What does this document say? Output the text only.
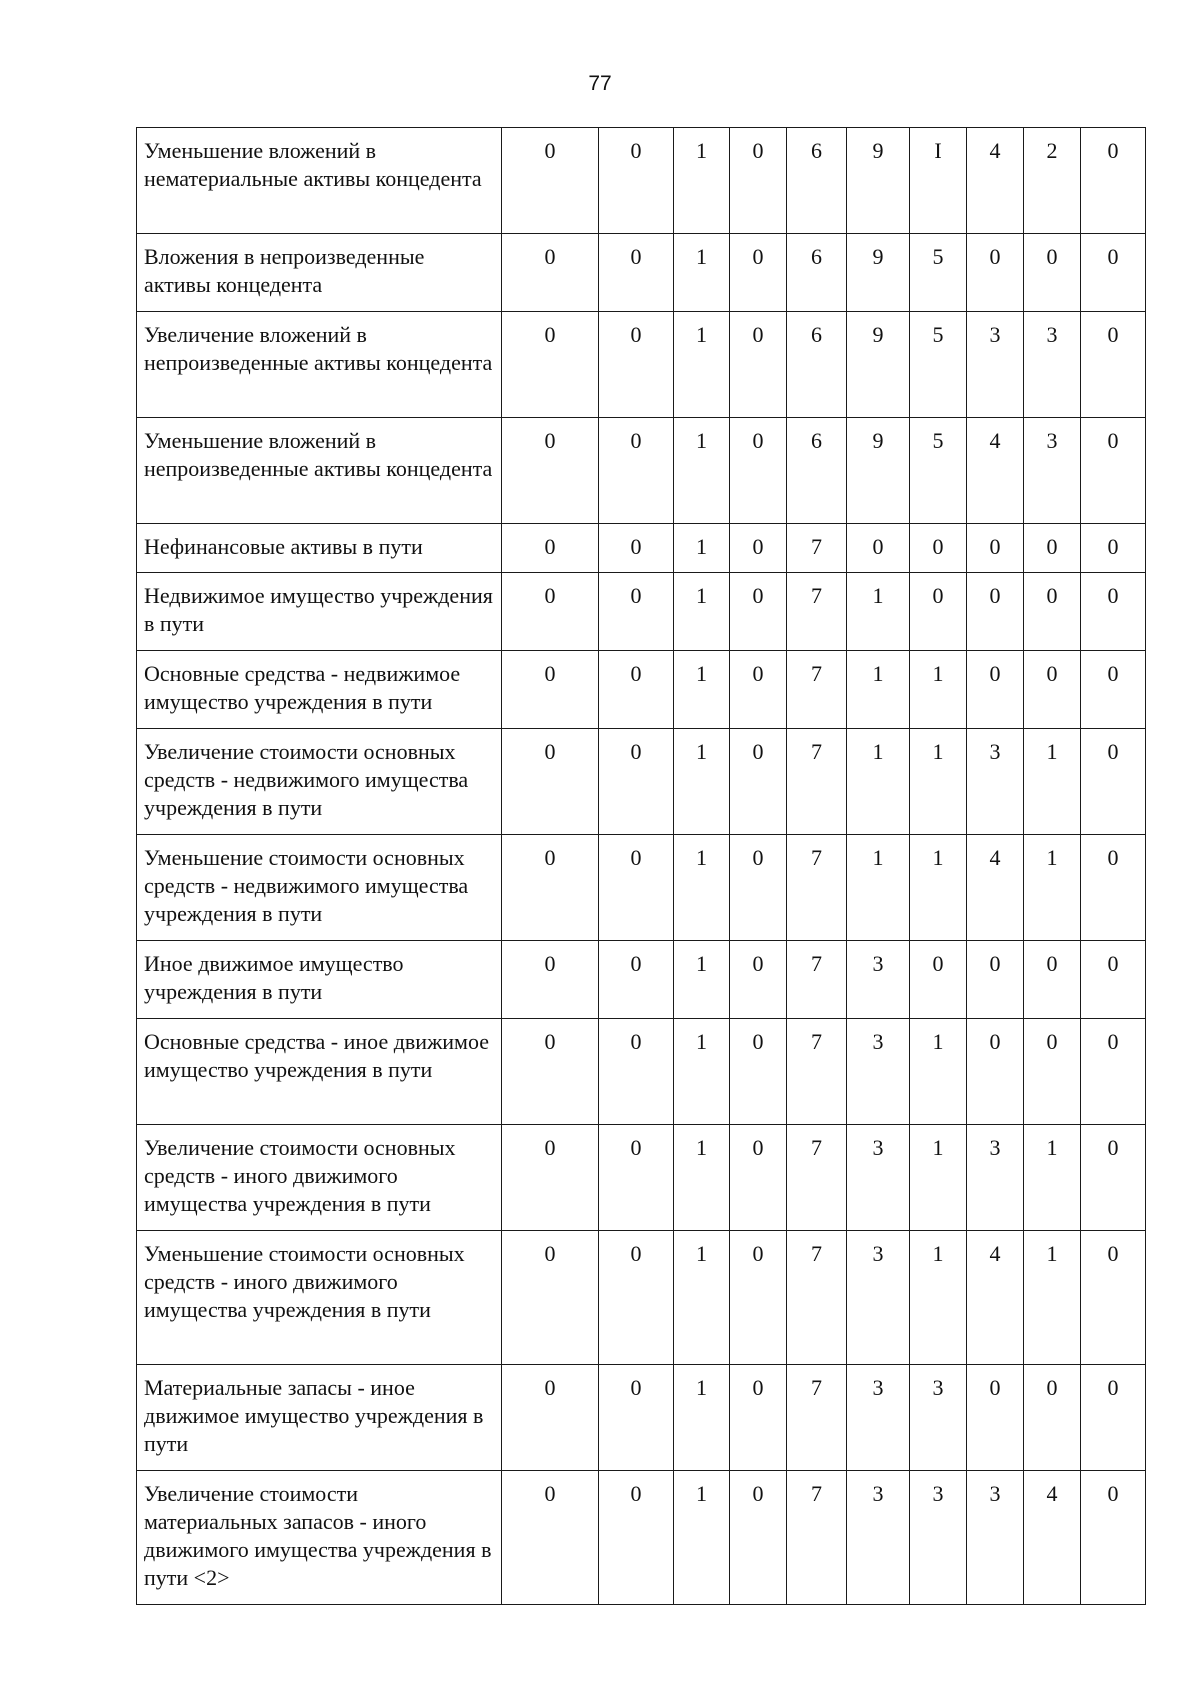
77
Уменьшение вложений в нематериальные активы концедента	0	0	1	0	6	9	I	4	2	0
Вложения в непроизведенные активы концедента	0	0	1	0	6	9	5	0	0	0
Увеличение вложений в непроизведенные активы концедента	0	0	1	0	6	9	5	3	3	0
Уменьшение вложений в непроизведенные активы концедента	0	0	1	0	6	9	5	4	3	0
Нефинансовые активы в пути	0	0	1	0	7	0	0	0	0	0
Недвижимое имущество учреждения в пути	0	0	1	0	7	1	0	0	0	0
Основные средства - недвижимое имущество учреждения в пути	0	0	1	0	7	1	1	0	0	0
Увеличение стоимости основных средств - недвижимого имущества учреждения в пути	0	0	1	0	7	1	1	3	1	0
Уменьшение стоимости основных средств - недвижимого имущества учреждения в пути	0	0	1	0	7	1	1	4	1	0
Иное движимое имущество учреждения в пути	0	0	1	0	7	3	0	0	0	0
Основные средства - иное движимое имущество учреждения в пути	0	0	1	0	7	3	1	0	0	0
Увеличение стоимости основных средств - иного движимого имущества учреждения в пути	0	0	1	0	7	3	1	3	1	0
Уменьшение стоимости основных средств - иного движимого имущества учреждения в пути	0	0	1	0	7	3	1	4	1	0
Материальные запасы - иное движимое имущество учреждения в пути	0	0	1	0	7	3	3	0	0	0
Увеличение стоимости материальных запасов - иного движимого имущества учреждения в пути <2>	0	0	1	0	7	3	3	3	4	0
